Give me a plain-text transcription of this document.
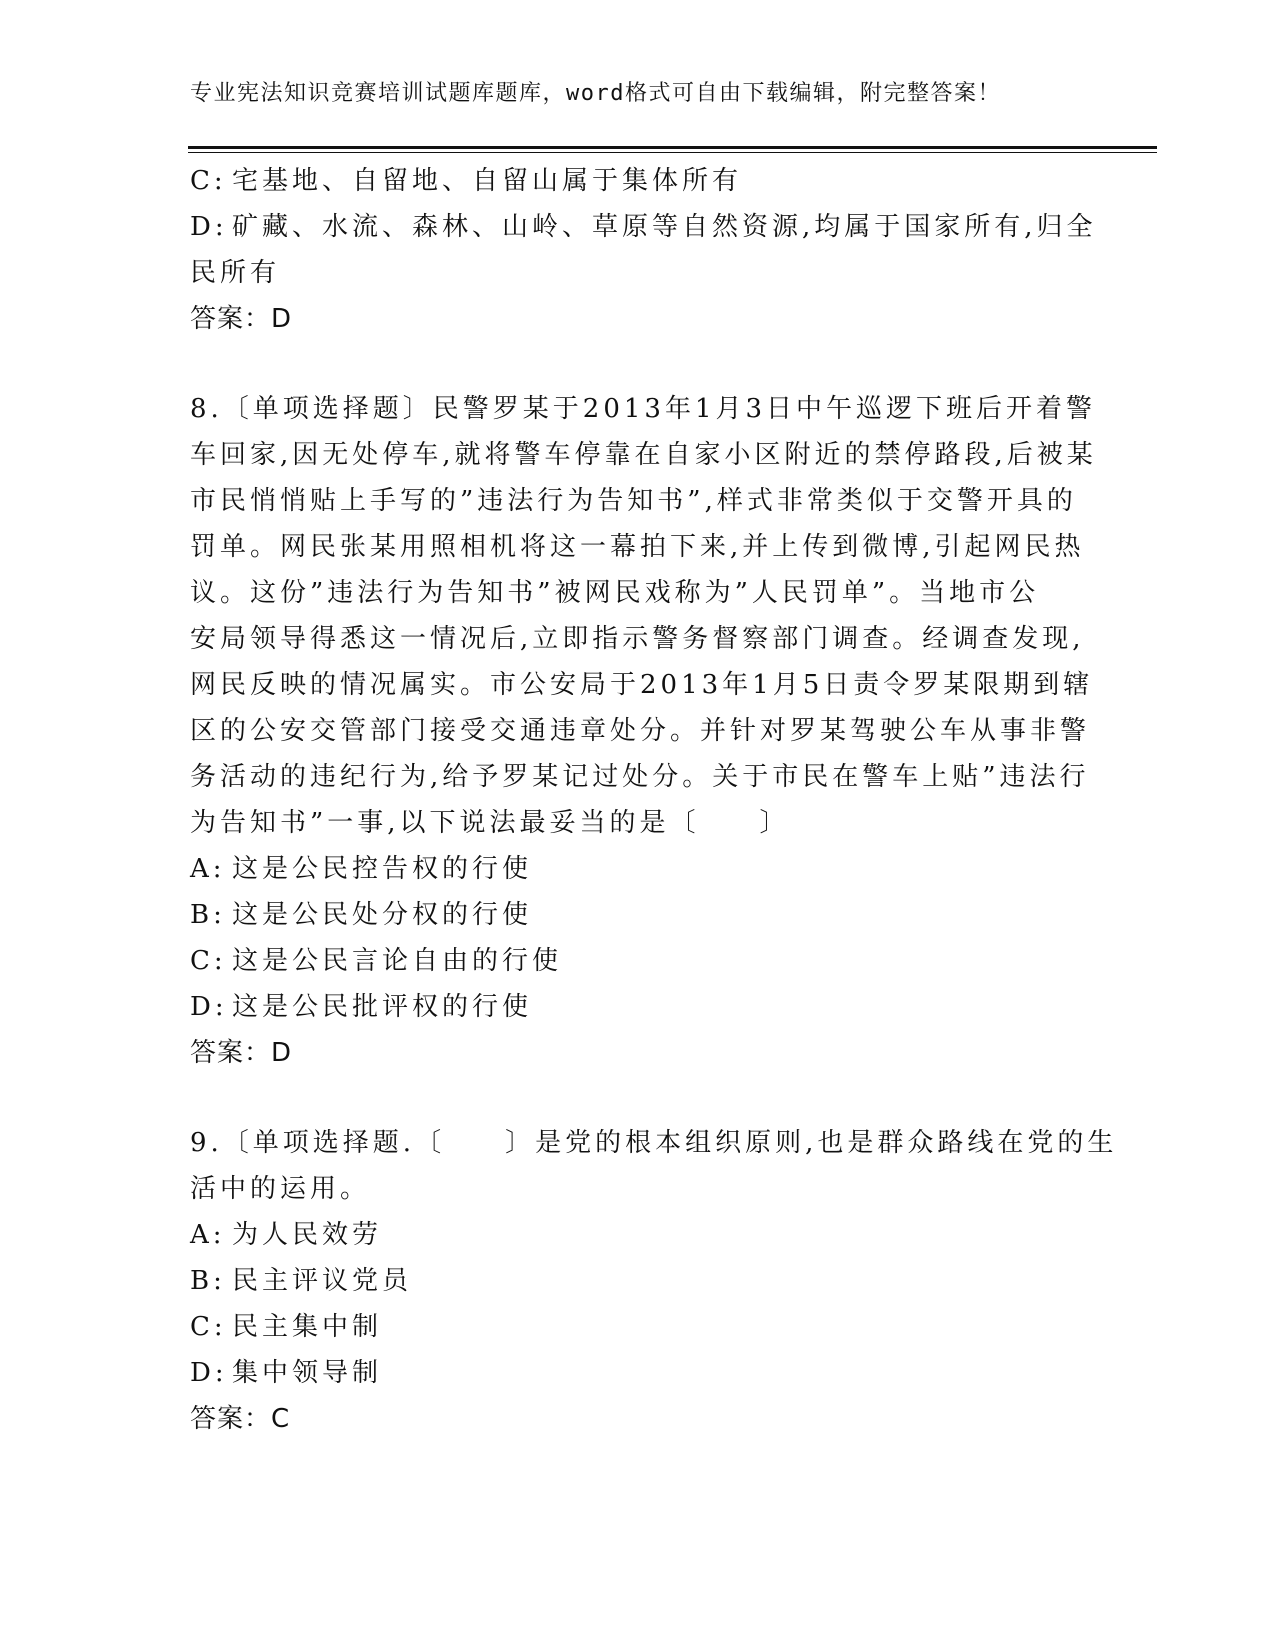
专业宪法知识竞赛培训试题库题库，word格式可自由下载编辑，附完整答案！
C: 宅基地、自留地、自留山属于集体所有
D: 矿藏、水流、森林、山岭、草原等自然资源,均属于国家所有,归全
民所有
答案：D
8.〔单项选择题〕民警罗某于2013年1月3日中午巡逻下班后开着警
车回家,因无处停车,就将警车停靠在自家小区附近的禁停路段,后被某
市民悄悄贴上手写的”违法行为告知书”,样式非常类似于交警开具的
罚单。网民张某用照相机将这一幕拍下来,并上传到微博,引起网民热
议。这份”违法行为告知书”被网民戏称为”人民罚单”。当地市公
安局领导得悉这一情况后,立即指示警务督察部门调查。经调查发现,
网民反映的情况属实。市公安局于2013年1月5日责令罗某限期到辖
区的公安交管部门接受交通违章处分。并针对罗某驾驶公车从事非警
务活动的违纪行为,给予罗某记过处分。关于市民在警车上贴”违法行
为告知书”一事,以下说法最妥当的是〔　　〕
A: 这是公民控告权的行使
B: 这是公民处分权的行使
C: 这是公民言论自由的行使
D: 这是公民批评权的行使
答案：D
9.〔单项选择题.〔　　〕是党的根本组织原则,也是群众路线在党的生
活中的运用。
A: 为人民效劳
B: 民主评议党员
C: 民主集中制
D: 集中领导制
答案：C
